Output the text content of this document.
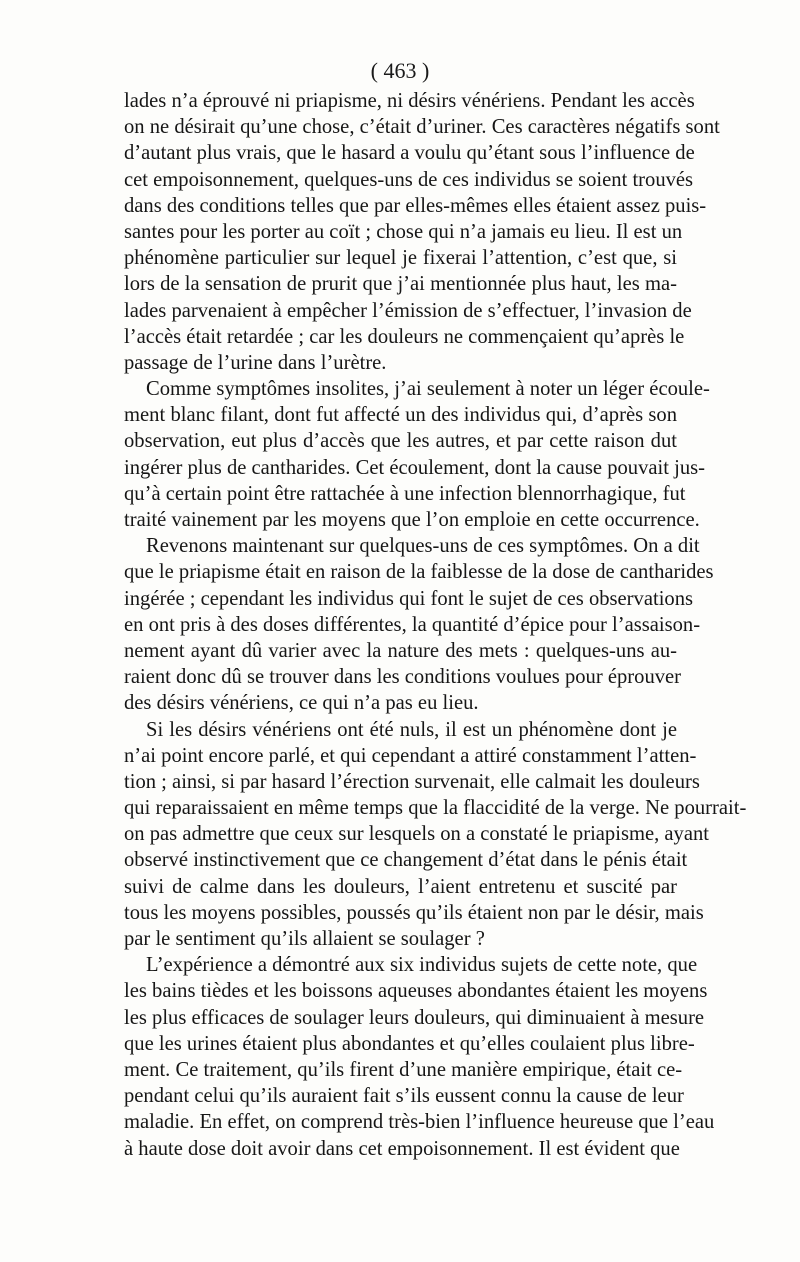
( 463 )
lades n’a éprouvé ni priapisme, ni désirs vénériens. Pendant les accès
on ne désirait qu’une chose, c’était d’uriner. Ces caractères négatifs sont
d’autant plus vrais, que le hasard a voulu qu’étant sous l’influence de
cet empoisonnement, quelques-uns de ces individus se soient trouvés
dans des conditions telles que par elles-mêmes elles étaient assez puis-
santes pour les porter au coït ; chose qui n’a jamais eu lieu. Il est un
phénomène particulier sur lequel je fixerai l’attention, c’est que, si
lors de la sensation de prurit que j’ai mentionnée plus haut, les ma-
lades parvenaient à empêcher l’émission de s’effectuer, l’invasion de
l’accès était retardée ; car les douleurs ne commençaient qu’après le
passage de l’urine dans l’urètre.
Comme symptômes insolites, j’ai seulement à noter un léger écoule-
ment blanc filant, dont fut affecté un des individus qui, d’après son
observation, eut plus d’accès que les autres, et par cette raison dut
ingérer plus de cantharides. Cet écoulement, dont la cause pouvait jus-
qu’à certain point être rattachée à une infection blennorrhagique, fut
traité vainement par les moyens que l’on emploie en cette occurrence.
Revenons maintenant sur quelques-uns de ces symptômes. On a dit
que le priapisme était en raison de la faiblesse de la dose de cantharides
ingérée ; cependant les individus qui font le sujet de ces observations
en ont pris à des doses différentes, la quantité d’épice pour l’assaison-
nement ayant dû varier avec la nature des mets : quelques-uns au-
raient donc dû se trouver dans les conditions voulues pour éprouver
des désirs vénériens, ce qui n’a pas eu lieu.
Si les désirs vénériens ont été nuls, il est un phénomène dont je
n’ai point encore parlé, et qui cependant a attiré constamment l’atten-
tion ; ainsi, si par hasard l’érection survenait, elle calmait les douleurs
qui reparaissaient en même temps que la flaccidité de la verge. Ne pourrait-
on pas admettre que ceux sur lesquels on a constaté le priapisme, ayant
observé instinctivement que ce changement d’état dans le pénis était
suivi de calme dans les douleurs, l’aient entretenu et suscité par
tous les moyens possibles, poussés qu’ils étaient non par le désir, mais
par le sentiment qu’ils allaient se soulager ?
L’expérience a démontré aux six individus sujets de cette note, que
les bains tièdes et les boissons aqueuses abondantes étaient les moyens
les plus efficaces de soulager leurs douleurs, qui diminuaient à mesure
que les urines étaient plus abondantes et qu’elles coulaient plus libre-
ment. Ce traitement, qu’ils firent d’une manière empirique, était ce-
pendant celui qu’ils auraient fait s’ils eussent connu la cause de leur
maladie. En effet, on comprend très-bien l’influence heureuse que l’eau
à haute dose doit avoir dans cet empoisonnement. Il est évident que
